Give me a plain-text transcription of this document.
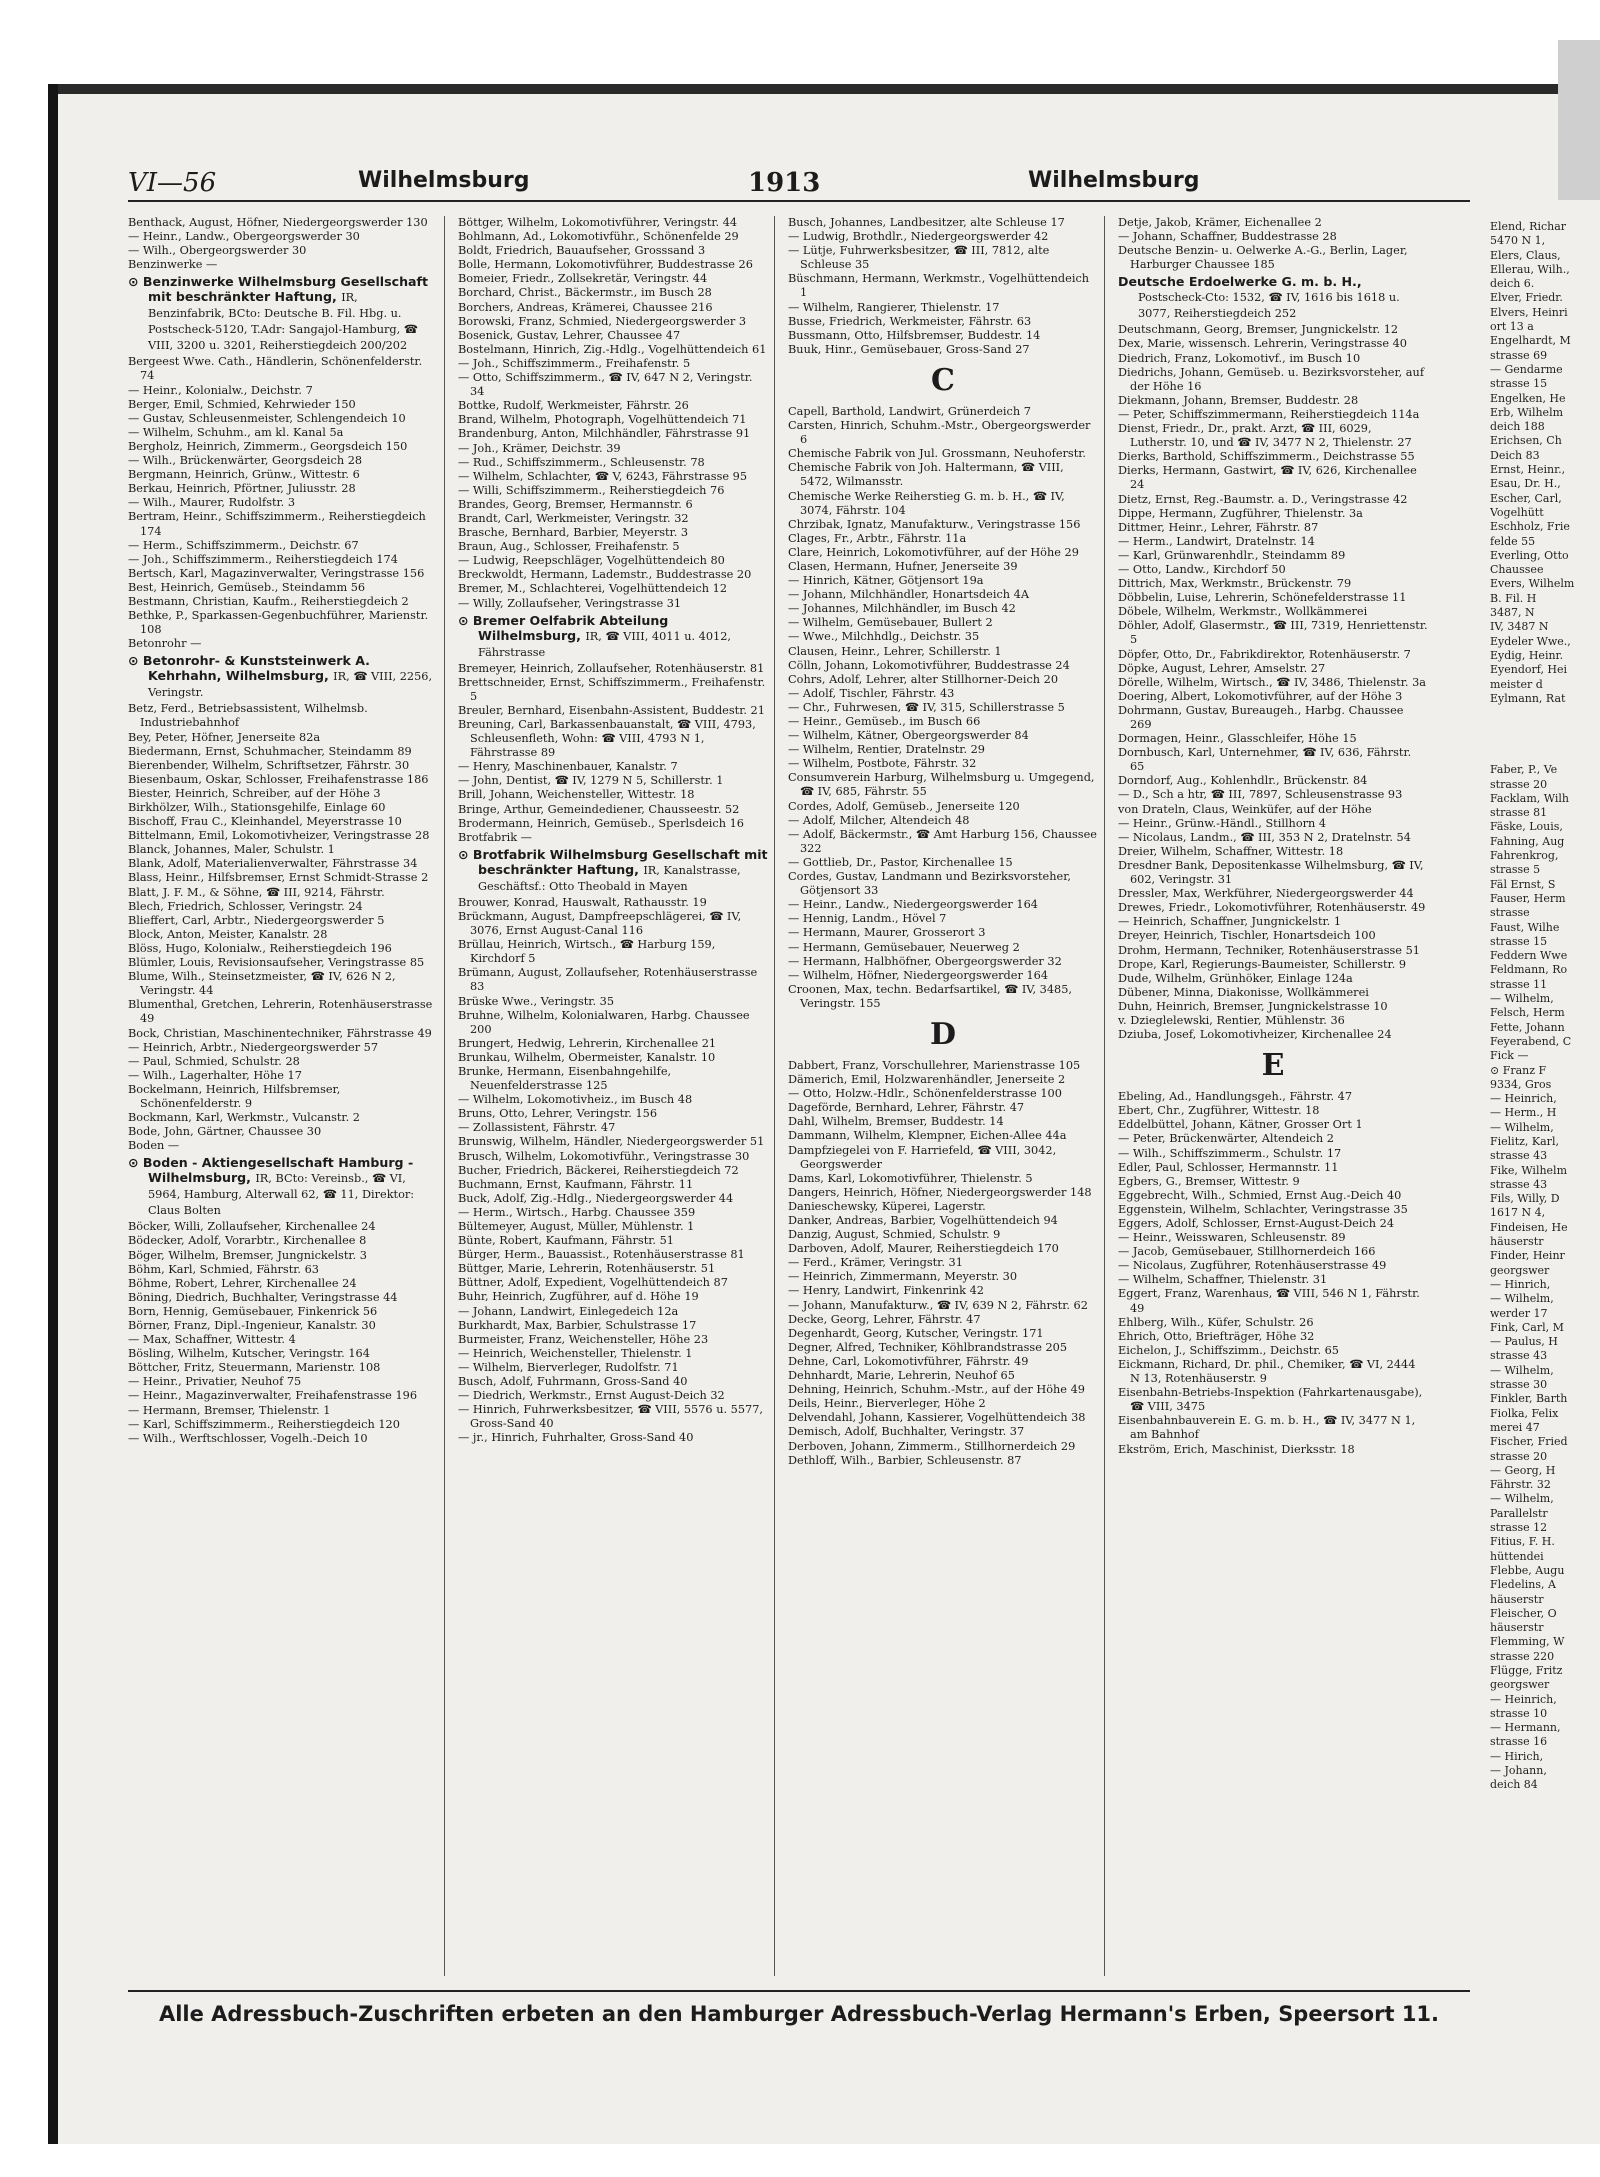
VI—56	Wilhelmsburg	1913	Wilhelmsburg
Benthack, August, Höfner, Niedergeorgswerder 130
— Heinr., Landw., Obergeorgswerder 30
— Wilh., Obergeorgswerder 30
Benzinwerke —
⊙ Benzinwerke Wilhelmsburg Gesellschaft mit beschränkter Haftung, IR, Benzinfabrik, BCto: Deutsche B. Fil. Hbg. u. Postscheck-5120, T.Adr: Sangajol-Hamburg, ☎ VIII, 3200 u. 3201, Reiherstiegdeich 200/202
Bergeest Wwe. Cath., Händlerin, Schönenfelderstr. 74
— Heinr., Kolonialw., Deichstr. 7
Berger, Emil, Schmied, Kehrwieder 150
— Gustav, Schleusenmeister, Schlengendeich 10
— Wilhelm, Schuhm., am kl. Kanal 5a
Bergholz, Heinrich, Zimmerm., Georgsdeich 150
— Wilh., Brückenwärter, Georgsdeich 28
Bergmann, Heinrich, Grünw., Wittestr. 6
Berkau, Heinrich, Pförtner, Juliusstr. 28
— Wilh., Maurer, Rudolfstr. 3
Bertram, Heinr., Schiffszimmerm., Reiherstiegdeich 174
— Herm., Schiffszimmerm., Deichstr. 67
— Joh., Schiffszimmerm., Reiherstiegdeich 174
Bertsch, Karl, Magazinverwalter, Veringstrasse 156
Best, Heinrich, Gemüseb., Steindamm 56
Bestmann, Christian, Kaufm., Reiherstiegdeich 2
Bethke, P., Sparkassen-Gegenbuchführer, Marienstr. 108
Betonrohr —
⊙ Betonrohr- & Kunststeinwerk A. Kehrhahn, Wilhelmsburg, IR, ☎ VIII, 2256, Veringstr.
Betz, Ferd., Betriebsassistent, Wilhelmsb. Industriebahnhof
Bey, Peter, Höfner, Jenerseite 82a
Biedermann, Ernst, Schuhmacher, Steindamm 89
Bierenbender, Wilhelm, Schriftsetzer, Fährstr. 30
Biesenbaum, Oskar, Schlosser, Freihafenstrasse 186
Biester, Heinrich, Schreiber, auf der Höhe 3
Birkhölzer, Wilh., Stationsgehilfe, Einlage 60
Bischoff, Frau C., Kleinhandel, Meyerstrasse 10
Bittelmann, Emil, Lokomotivheizer, Veringstrasse 28
Blanck, Johannes, Maler, Schulstr. 1
Blank, Adolf, Materialienverwalter, Fährstrasse 34
Blass, Heinr., Hilfsbremser, Ernst Schmidt-Strasse 2
Blatt, J. F. M., & Söhne, ☎ III, 9214, Fährstr.
Blech, Friedrich, Schlosser, Veringstr. 24
Blieffert, Carl, Arbtr., Niedergeorgswerder 5
Block, Anton, Meister, Kanalstr. 28
Blöss, Hugo, Kolonialw., Reiherstiegdeich 196
Blümler, Louis, Revisionsaufseher, Veringstrasse 85
Blume, Wilh., Steinsetzmeister, ☎ IV, 626 N 2, Veringstr. 44
Blumenthal, Gretchen, Lehrerin, Rotenhäuserstrasse 49
Bock, Christian, Maschinentechniker, Fährstrasse 49
— Heinrich, Arbtr., Niedergeorgswerder 57
— Paul, Schmied, Schulstr. 28
— Wilh., Lagerhalter, Höhe 17
Bockelmann, Heinrich, Hilfsbremser, Schönenfelderstr. 9
Bockmann, Karl, Werkmstr., Vulcanstr. 2
Bode, John, Gärtner, Chaussee 30
Boden —
⊙ Boden - Aktiengesellschaft Hamburg - Wilhelmsburg, IR, BCto: Vereinsb., ☎ VI, 5964, Hamburg, Alterwall 62, ☎ 11, Direktor: Claus Bolten
Böcker, Willi, Zollaufseher, Kirchenallee 24
Bödecker, Adolf, Vorarbtr., Kirchenallee 8
Böger, Wilhelm, Bremser, Jungnickelstr. 3
Böhm, Karl, Schmied, Fährstr. 63
Böhme, Robert, Lehrer, Kirchenallee 24
Böning, Diedrich, Buchhalter, Veringstrasse 44
Born, Hennig, Gemüsebauer, Finkenrick 56
Börner, Franz, Dipl.-Ingenieur, Kanalstr. 30
— Max, Schaffner, Wittestr. 4
Bösling, Wilhelm, Kutscher, Veringstr. 164
Böttcher, Fritz, Steuermann, Marienstr. 108
— Heinr., Privatier, Neuhof 75
— Heinr., Magazinverwalter, Freihafenstrasse 196
— Hermann, Bremser, Thielenstr. 1
— Karl, Schiffszimmerm., Reiherstiegdeich 120
— Wilh., Werftschlosser, Vogelh.-Deich 10
Böttger, Wilhelm, Lokomotivführer, Veringstr. 44
Bohlmann, Ad., Lokomotivführ., Schönenfelde 29
Boldt, Friedrich, Bauaufseher, Grosssand 3
Bolle, Hermann, Lokomotivführer, Buddestrasse 26
Bomeier, Friedr., Zollsekretär, Veringstr. 44
Borchard, Christ., Bäckermstr., im Busch 28
Borchers, Andreas, Krämerei, Chaussee 216
Borowski, Franz, Schmied, Niedergeorgswerder 3
Bosenick, Gustav, Lehrer, Chaussee 47
Bostelmann, Hinrich, Zig.-Hdlg., Vogelhüttendeich 61
— Joh., Schiffszimmerm., Freihafenstr. 5
— Otto, Schiffszimmerm., ☎ IV, 647 N 2, Veringstr. 34
Bottke, Rudolf, Werkmeister, Fährstr. 26
Brand, Wilhelm, Photograph, Vogelhüttendeich 71
Brandenburg, Anton, Milchhändler, Fährstrasse 91
— Joh., Krämer, Deichstr. 39
— Rud., Schiffszimmerm., Schleusenstr. 78
— Wilhelm, Schlachter, ☎ V, 6243, Fährstrasse 95
— Willi, Schiffszimmerm., Reiherstiegdeich 76
Brandes, Georg, Bremser, Hermannstr. 6
Brandt, Carl, Werkmeister, Veringstr. 32
Brasche, Bernhard, Barbier, Meyerstr. 3
Braun, Aug., Schlosser, Freihafenstr. 5
— Ludwig, Reepschläger, Vogelhüttendeich 80
Breckwoldt, Hermann, Lademstr., Buddestrasse 20
Bremer, M., Schlachterei, Vogelhüttendeich 12
— Willy, Zollaufseher, Veringstrasse 31
⊙ Bremer Oelfabrik Abteilung Wilhelmsburg, IR, ☎ VIII, 4011 u. 4012, Fährstrasse
Bremeyer, Heinrich, Zollaufseher, Rotenhäuserstr. 81
Brettschneider, Ernst, Schiffszimmerm., Freihafenstr. 5
Breuler, Bernhard, Eisenbahn-Assistent, Buddestr. 21
Breuning, Carl, Barkassenbauanstalt, ☎ VIII, 4793, Schleusenfleth, Wohn: ☎ VIII, 4793 N 1, Fährstrasse 89
— Henry, Maschinenbauer, Kanalstr. 7
— John, Dentist, ☎ IV, 1279 N 5, Schillerstr. 1
Brill, Johann, Weichensteller, Wittestr. 18
Bringe, Arthur, Gemeindediener, Chausseestr. 52
Brodermann, Heinrich, Gemüseb., Sperlsdeich 16
Brotfabrik —
⊙ Brotfabrik Wilhelmsburg Gesellschaft mit beschränkter Haftung, IR, Kanalstrasse, Geschäftsf.: Otto Theobald in Mayen
Brouwer, Konrad, Hauswalt, Rathausstr. 19
Brückmann, August, Dampfreepschlägerei, ☎ IV, 3076, Ernst August-Canal 116
Brüllau, Heinrich, Wirtsch., ☎ Harburg 159, Kirchdorf 5
Brümann, August, Zollaufseher, Rotenhäuserstrasse 83
Brüske Wwe., Veringstr. 35
Bruhne, Wilhelm, Kolonialwaren, Harbg. Chaussee 200
Brungert, Hedwig, Lehrerin, Kirchenallee 21
Brunkau, Wilhelm, Obermeister, Kanalstr. 10
Brunke, Hermann, Eisenbahngehilfe, Neuenfelderstrasse 125
— Wilhelm, Lokomotivheiz., im Busch 48
Bruns, Otto, Lehrer, Veringstr. 156
— Zollassistent, Fährstr. 47
Brunswig, Wilhelm, Händler, Niedergeorgswerder 51
Brusch, Wilhelm, Lokomotivführ., Veringstrasse 30
Bucher, Friedrich, Bäckerei, Reiherstiegdeich 72
Buchmann, Ernst, Kaufmann, Fährstr. 11
Buck, Adolf, Zig.-Hdlg., Niedergeorgswerder 44
— Herm., Wirtsch., Harbg. Chaussee 359
Bültemeyer, August, Müller, Mühlenstr. 1
Bünte, Robert, Kaufmann, Fährstr. 51
Bürger, Herm., Bauassist., Rotenhäuserstrasse 81
Büttger, Marie, Lehrerin, Rotenhäuserstr. 51
Büttner, Adolf, Expedient, Vogelhüttendeich 87
Buhr, Heinrich, Zugführer, auf d. Höhe 19
— Johann, Landwirt, Einlegedeich 12a
Burkhardt, Max, Barbier, Schulstrasse 17
Burmeister, Franz, Weichensteller, Höhe 23
— Heinrich, Weichensteller, Thielenstr. 1
— Wilhelm, Bierverleger, Rudolfstr. 71
Busch, Adolf, Fuhrmann, Gross-Sand 40
— Diedrich, Werkmstr., Ernst August-Deich 32
— Hinrich, Fuhrwerksbesitzer, ☎ VIII, 5576 u. 5577, Gross-Sand 40
— jr., Hinrich, Fuhrhalter, Gross-Sand 40
Busch, Johannes, Landbesitzer, alte Schleuse 17
— Ludwig, Brothdlr., Niedergeorgswerder 42
— Lütje, Fuhrwerksbesitzer, ☎ III, 7812, alte Schleuse 35
Büschmann, Hermann, Werkmstr., Vogelhüttendeich 1
— Wilhelm, Rangierer, Thielenstr. 17
Busse, Friedrich, Werkmeister, Fährstr. 63
Bussmann, Otto, Hilfsbremser, Buddestr. 14
Buuk, Hinr., Gemüsebauer, Gross-Sand 27
C
Capell, Barthold, Landwirt, Grünerdeich 7
Carsten, Hinrich, Schuhm.-Mstr., Obergeorgswerder 6
Chemische Fabrik von Jul. Grossmann, Neuhoferstr.
Chemische Fabrik von Joh. Haltermann, ☎ VIII, 5472, Wilmansstr.
Chemische Werke Reiherstieg G. m. b. H., ☎ IV, 3074, Fährstr. 104
Chrzibak, Ignatz, Manufakturw., Veringstrasse 156
Clages, Fr., Arbtr., Fährstr. 11a
Clare, Heinrich, Lokomotivführer, auf der Höhe 29
Clasen, Hermann, Hufner, Jenerseite 39
— Hinrich, Kätner, Götjensort 19a
— Johann, Milchhändler, Honartsdeich 4A
— Johannes, Milchhändler, im Busch 42
— Wilhelm, Gemüsebauer, Bullert 2
— Wwe., Milchhdlg., Deichstr. 35
Clausen, Heinr., Lehrer, Schillerstr. 1
Cölln, Johann, Lokomotivführer, Buddestrasse 24
Cohrs, Adolf, Lehrer, alter Stillhorner-Deich 20
— Adolf, Tischler, Fährstr. 43
— Chr., Fuhrwesen, ☎ IV, 315, Schillerstrasse 5
— Heinr., Gemüseb., im Busch 66
— Wilhelm, Kätner, Obergeorgswerder 84
— Wilhelm, Rentier, Dratelnstr. 29
— Wilhelm, Postbote, Fährstr. 32
Consumverein Harburg, Wilhelmsburg u. Umgegend, ☎ IV, 685, Fährstr. 55
Cordes, Adolf, Gemüseb., Jenerseite 120
— Adolf, Milcher, Altendeich 48
— Adolf, Bäckermstr., ☎ Amt Harburg 156, Chaussee 322
— Gottlieb, Dr., Pastor, Kirchenallee 15
Cordes, Gustav, Landmann und Bezirksvorsteher, Götjensort 33
— Heinr., Landw., Niedergeorgswerder 164
— Hennig, Landm., Hövel 7
— Hermann, Maurer, Grosserort 3
— Hermann, Gemüsebauer, Neuerweg 2
— Hermann, Halbhöfner, Obergeorgswerder 32
— Wilhelm, Höfner, Niedergeorgswerder 164
Croonen, Max, techn. Bedarfsartikel, ☎ IV, 3485, Veringstr. 155
D
Dabbert, Franz, Vorschullehrer, Marienstrasse 105
Dämerich, Emil, Holzwarenhändler, Jenerseite 2
— Otto, Holzw.-Hdlr., Schönenfelderstrasse 100
Dageförde, Bernhard, Lehrer, Fährstr. 47
Dahl, Wilhelm, Bremser, Buddestr. 14
Dammann, Wilhelm, Klempner, Eichen-Allee 44a
Dampfziegelei von F. Harriefeld, ☎ VIII, 3042, Georgswerder
Dams, Karl, Lokomotivführer, Thielenstr. 5
Dangers, Heinrich, Höfner, Niedergeorgswerder 148
Danieschewsky, Küperei, Lagerstr.
Danker, Andreas, Barbier, Vogelhüttendeich 94
Danzig, August, Schmied, Schulstr. 9
Darboven, Adolf, Maurer, Reiherstiegdeich 170
— Ferd., Krämer, Veringstr. 31
— Heinrich, Zimmermann, Meyerstr. 30
— Henry, Landwirt, Finkenrink 42
— Johann, Manufakturw., ☎ IV, 639 N 2, Fährstr. 62
Decke, Georg, Lehrer, Fährstr. 47
Degenhardt, Georg, Kutscher, Veringstr. 171
Degner, Alfred, Techniker, Köhlbrandstrasse 205
Dehne, Carl, Lokomotivführer, Fährstr. 49
Dehnhardt, Marie, Lehrerin, Neuhof 65
Dehning, Heinrich, Schuhm.-Mstr., auf der Höhe 49
Deils, Heinr., Bierverleger, Höhe 2
Delvendahl, Johann, Kassierer, Vogelhüttendeich 38
Demisch, Adolf, Buchhalter, Veringstr. 37
Derboven, Johann, Zimmerm., Stillhornerdeich 29
Dethloff, Wilh., Barbier, Schleusenstr. 87
Detje, Jakob, Krämer, Eichenallee 2
— Johann, Schaffner, Buddestrasse 28
Deutsche Benzin- u. Oelwerke A.-G., Berlin, Lager, Harburger Chaussee 185
Deutsche Erdoelwerke G. m. b. H., Postscheck-Cto: 1532, ☎ IV, 1616 bis 1618 u. 3077, Reiherstiegdeich 252
Deutschmann, Georg, Bremser, Jungnickelstr. 12
Dex, Marie, wissensch. Lehrerin, Veringstrasse 40
Diedrich, Franz, Lokomotivf., im Busch 10
Diedrichs, Johann, Gemüseb. u. Bezirksvorsteher, auf der Höhe 16
Diekmann, Johann, Bremser, Buddestr. 28
— Peter, Schiffszimmermann, Reiherstiegdeich 114a
Dienst, Friedr., Dr., prakt. Arzt, ☎ III, 6029, Lutherstr. 10, und ☎ IV, 3477 N 2, Thielenstr. 27
Dierks, Barthold, Schiffszimmerm., Deichstrasse 55
Dierks, Hermann, Gastwirt, ☎ IV, 626, Kirchenallee 24
Dietz, Ernst, Reg.-Baumstr. a. D., Veringstrasse 42
Dippe, Hermann, Zugführer, Thielenstr. 3a
Dittmer, Heinr., Lehrer, Fährstr. 87
— Herm., Landwirt, Dratelnstr. 14
— Karl, Grünwarenhdlr., Steindamm 89
— Otto, Landw., Kirchdorf 50
Dittrich, Max, Werkmstr., Brückenstr. 79
Döbbelin, Luise, Lehrerin, Schönefelderstrasse 11
Döbele, Wilhelm, Werkmstr., Wollkämmerei
Döhler, Adolf, Glasermstr., ☎ III, 7319, Henriettenstr. 5
Döpfer, Otto, Dr., Fabrikdirektor, Rotenhäuserstr. 7
Döpke, August, Lehrer, Amselstr. 27
Dörelle, Wilhelm, Wirtsch., ☎ IV, 3486, Thielenstr. 3a
Doering, Albert, Lokomotivführer, auf der Höhe 3
Dohrmann, Gustav, Bureaugeh., Harbg. Chaussee 269
Dormagen, Heinr., Glasschleifer, Höhe 15
Dornbusch, Karl, Unternehmer, ☎ IV, 636, Fährstr. 65
Dorndorf, Aug., Kohlenhdlr., Brückenstr. 84
— D., Sch a htr, ☎ III, 7897, Schleusenstrasse 93
von Drateln, Claus, Weinküfer, auf der Höhe
— Heinr., Grünw.-Händl., Stillhorn 4
— Nicolaus, Landm., ☎ III, 353 N 2, Dratelnstr. 54
Dreier, Wilhelm, Schaffner, Wittestr. 18
Dresdner Bank, Depositenkasse Wilhelmsburg, ☎ IV, 602, Veringstr. 31
Dressler, Max, Werkführer, Niedergeorgswerder 44
Drewes, Friedr., Lokomotivführer, Rotenhäuserstr. 49
— Heinrich, Schaffner, Jungnickelstr. 1
Dreyer, Heinrich, Tischler, Honartsdeich 100
Drohm, Hermann, Techniker, Rotenhäuserstrasse 51
Drope, Karl, Regierungs-Baumeister, Schillerstr. 9
Dude, Wilhelm, Grünhöker, Einlage 124a
Dübener, Minna, Diakonisse, Wollkämmerei
Duhn, Heinrich, Bremser, Jungnickelstrasse 10
v. Dzieglelewski, Rentier, Mühlenstr. 36
Dziuba, Josef, Lokomotivheizer, Kirchenallee 24
E
Ebeling, Ad., Handlungsgeh., Fährstr. 47
Ebert, Chr., Zugführer, Wittestr. 18
Eddelbüttel, Johann, Kätner, Grosser Ort 1
— Peter, Brückenwärter, Altendeich 2
— Wilh., Schiffszimmerm., Schulstr. 17
Edler, Paul, Schlosser, Hermannstr. 11
Egbers, G., Bremser, Wittestr. 9
Eggebrecht, Wilh., Schmied, Ernst Aug.-Deich 40
Eggenstein, Wilhelm, Schlachter, Veringstrasse 35
Eggers, Adolf, Schlosser, Ernst-August-Deich 24
— Heinr., Weisswaren, Schleusenstr. 89
— Jacob, Gemüsebauer, Stillhornerdeich 166
— Nicolaus, Zugführer, Rotenhäuserstrasse 49
— Wilhelm, Schaffner, Thielenstr. 31
Eggert, Franz, Warenhaus, ☎ VIII, 546 N 1, Fährstr. 49
Ehlberg, Wilh., Küfer, Schulstr. 26
Ehrich, Otto, Briefträger, Höhe 32
Eichelon, J., Schiffszimm., Deichstr. 65
Eickmann, Richard, Dr. phil., Chemiker, ☎ VI, 2444 N 13, Rotenhäuserstr. 9
Eisenbahn-Betriebs-Inspektion (Fahrkartenausgabe), ☎ VIII, 3475
Eisenbahnbauverein E. G. m. b. H., ☎ IV, 3477 N 1, am Bahnhof
Ekström, Erich, Maschinist, Dierksstr. 18
Alle Adressbuch-Zuschriften erbeten an den Hamburger Adressbuch-Verlag Hermann's Erben, Speersort 11.
Elend, Richar
5470 N 1,
Elers, Claus,
Ellerau, Wilh.,
deich 6.
Elver, Friedr.
Elvers, Heinri
ort 13 a
Engelhardt, M
strasse 69
— Gendarme
strasse 15
Engelken, He
Erb, Wilhelm
deich 188
Erichsen, Ch
Deich 83
Ernst, Heinr.,
Esau, Dr. H.,
Escher, Carl,
Vogelhütt
Eschholz, Frie
felde 55
Everling, Otto
Chaussee
Evers, Wilhelm
B. Fil. H
3487, N
IV, 3487 N
Eydeler Wwe.,
Eydig, Heinr.
Eyendorf, Hei
meister d
Eylmann, Rat

Faber, P., Ve
strasse 20
Facklam, Wilh
strasse 81
Fäske, Louis,
Fahning, Aug
Fahrenkrog,
strasse 5
Fäl Ernst, S
Fauser, Herm
strasse
Faust, Wilhe
strasse 15
Feddern Wwe
Feldmann, Ro
strasse 11
— Wilhelm,
Felsch, Herm
Fette, Johann
Feyerabend, C
Fick —
⊙ Franz F
9334, Gros
— Heinrich,
— Herm., H
— Wilhelm,
Fielitz, Karl,
strasse 43
Fike, Wilhelm
strasse 43
Fils, Willy, D
1617 N 4,
Findeisen, He
häuserstr
Finder, Heinr
georgswer
— Hinrich,
— Wilhelm,
werder 17
Fink, Carl, M
— Paulus, H
strasse 43
— Wilhelm,
strasse 30
Finkler, Barth
Fiolka, Felix
merei 47
Fischer, Fried
strasse 20
— Georg, H
Fährstr. 32
— Wilhelm,
Parallelstr
strasse 12
Fitius, F. H.
hüttendei
Flebbe, Augu
Fledelins, A
häuserstr
Fleischer, O
häuserstr
Flemming, W
strasse 220
Flügge, Fritz
georgswer
— Heinrich,
strasse 10
— Hermann,
strasse 16
— Hirich,
— Johann,
deich 84
